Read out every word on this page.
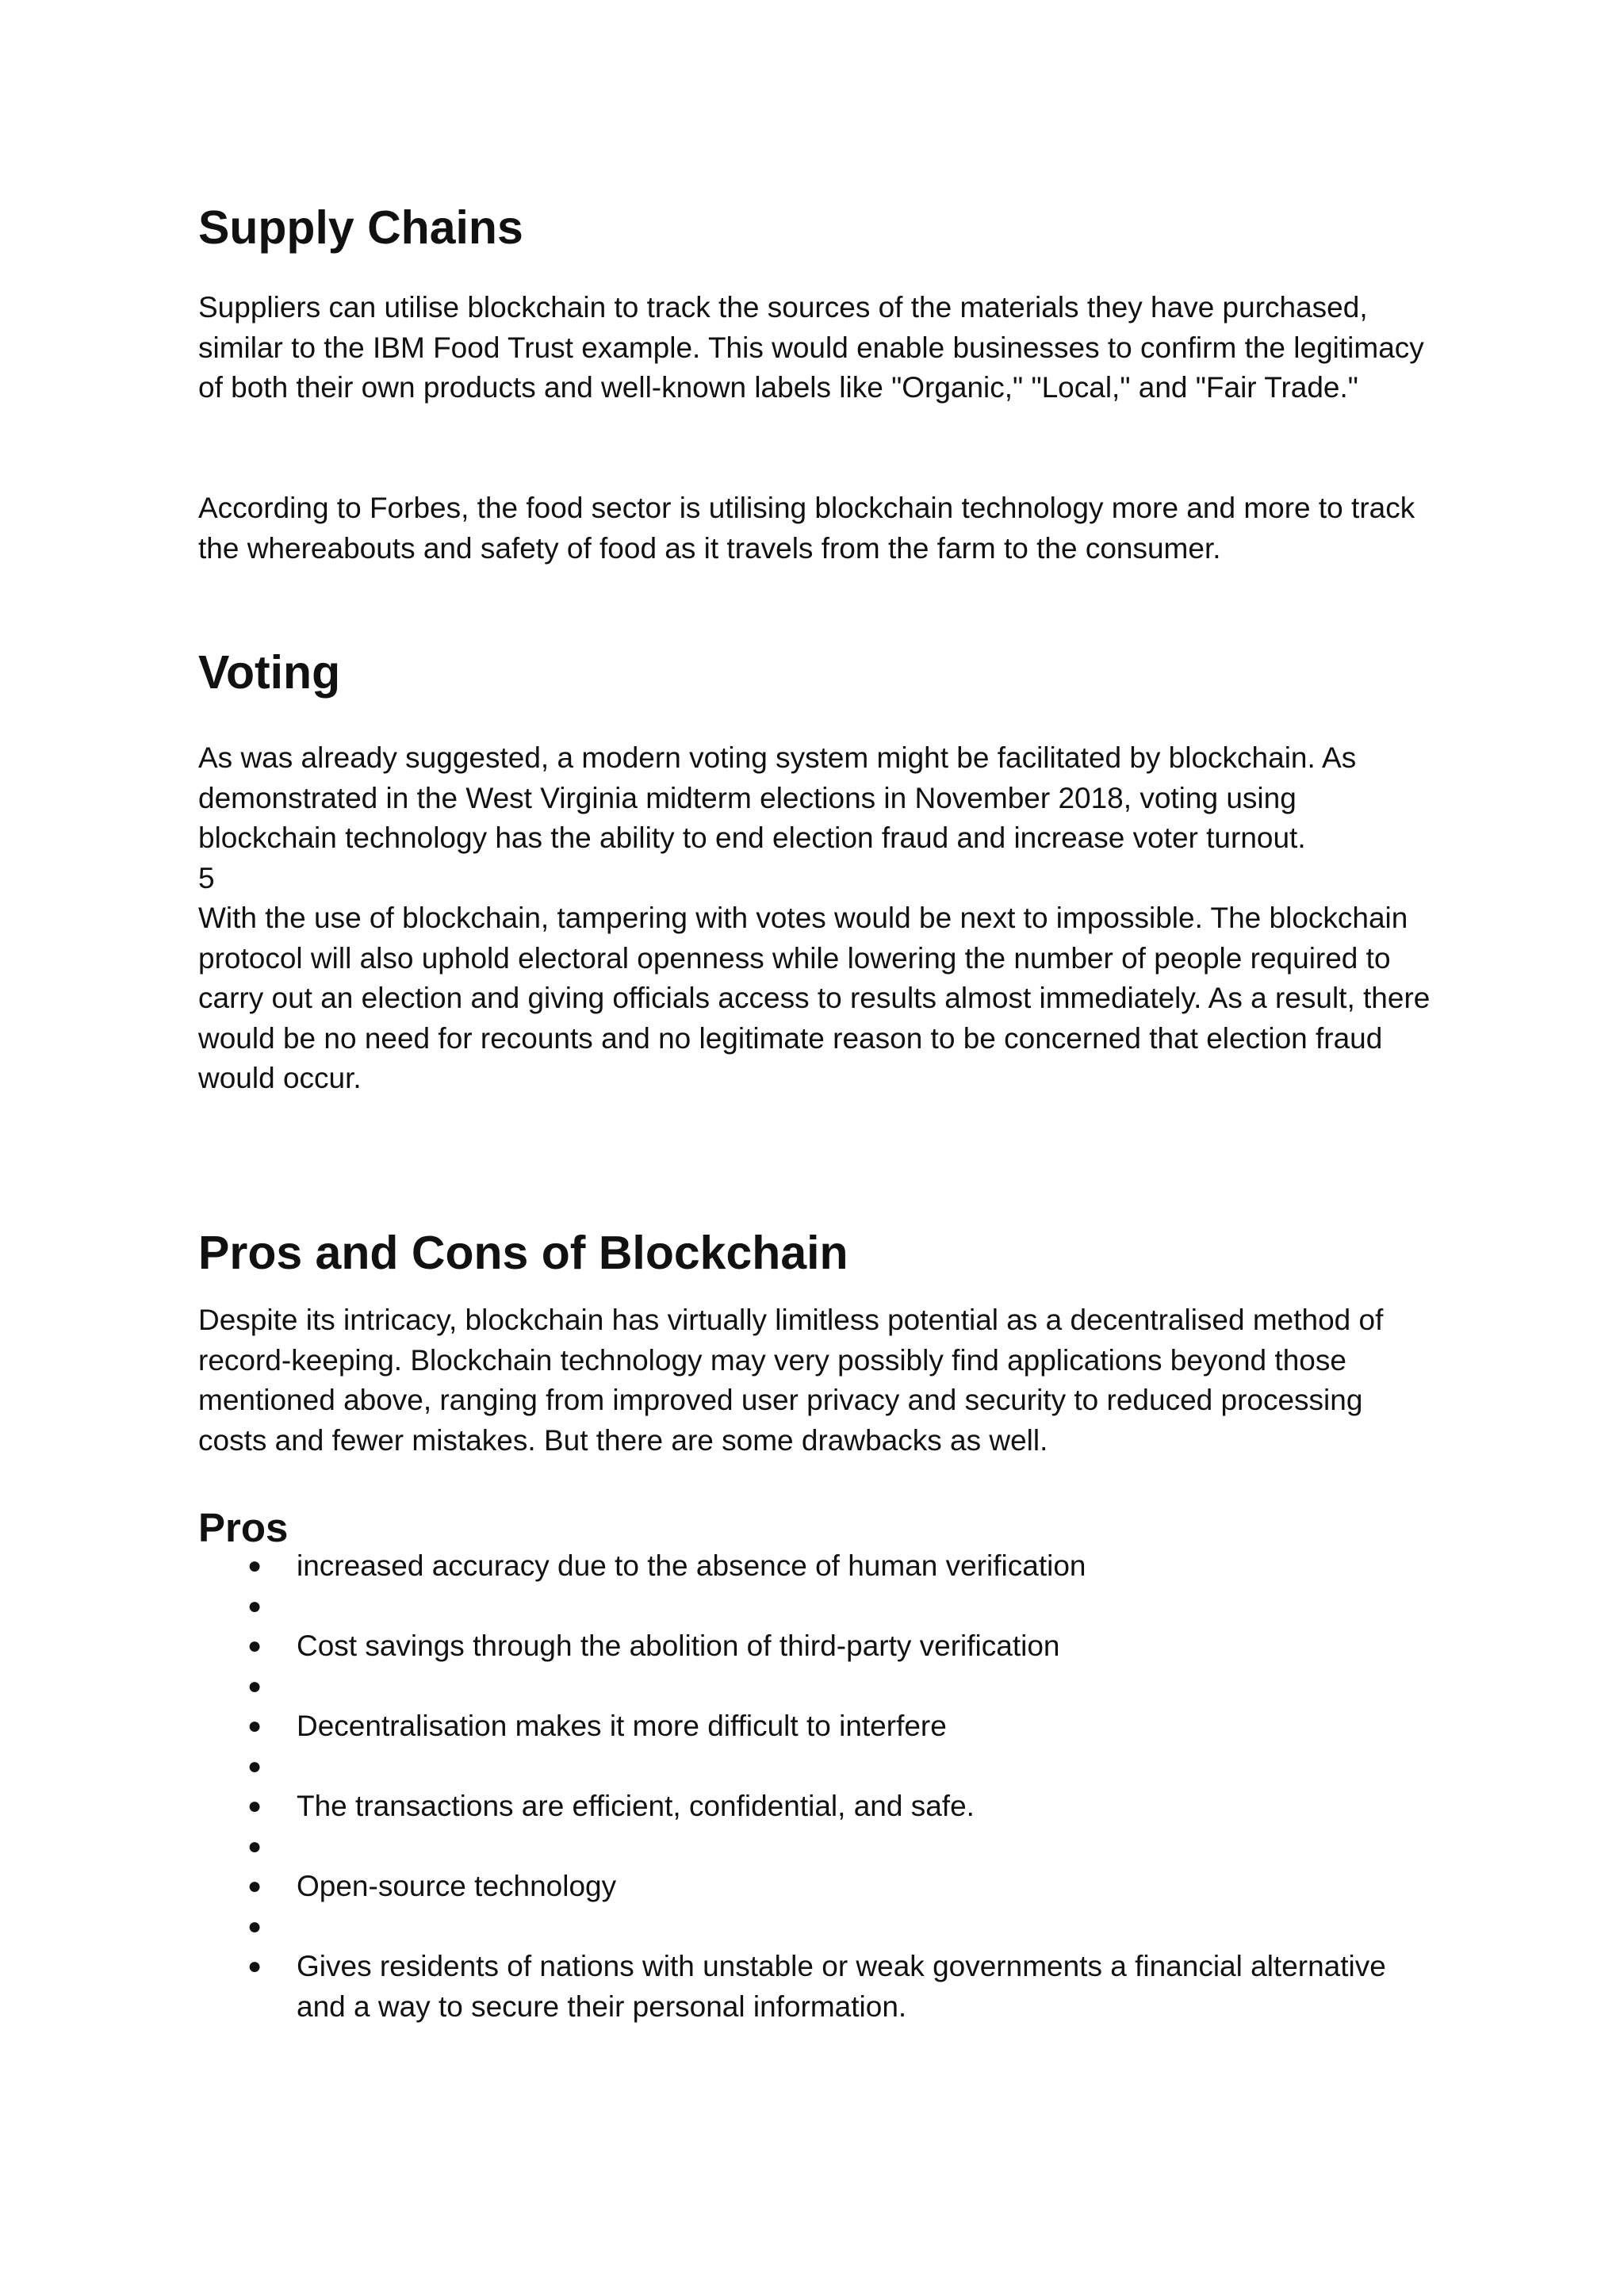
Supply Chains

Suppliers can utilise blockchain to track the sources of the materials they have purchased, similar to the IBM Food Trust example. This would enable businesses to confirm the legitimacy of both their own products and well-known labels like "Organic," "Local," and "Fair Trade."

According to Forbes, the food sector is utilising blockchain technology more and more to track the whereabouts and safety of food as it travels from the farm to the consumer.

Voting

As was already suggested, a modern voting system might be facilitated by blockchain. As demonstrated in the West Virginia midterm elections in November 2018, voting using blockchain technology has the ability to end election fraud and increase voter turnout.

5

With the use of blockchain, tampering with votes would be next to impossible. The blockchain protocol will also uphold electoral openness while lowering the number of people required to carry out an election and giving officials access to results almost immediately. As a result, there would be no need for recounts and no legitimate reason to be concerned that election fraud would occur.

Pros and Cons of Blockchain

Despite its intricacy, blockchain has virtually limitless potential as a decentralised method of record-keeping. Blockchain technology may very possibly find applications beyond those mentioned above, ranging from improved user privacy and security to reduced processing costs and fewer mistakes. But there are some drawbacks as well.

Pros
● increased accuracy due to the absence of human verification
●
● Cost savings through the abolition of third-party verification
●
● Decentralisation makes it more difficult to interfere
●
● The transactions are efficient, confidential, and safe.
●
● Open-source technology
●
● Gives residents of nations with unstable or weak governments a financial alternative and a way to secure their personal information.
